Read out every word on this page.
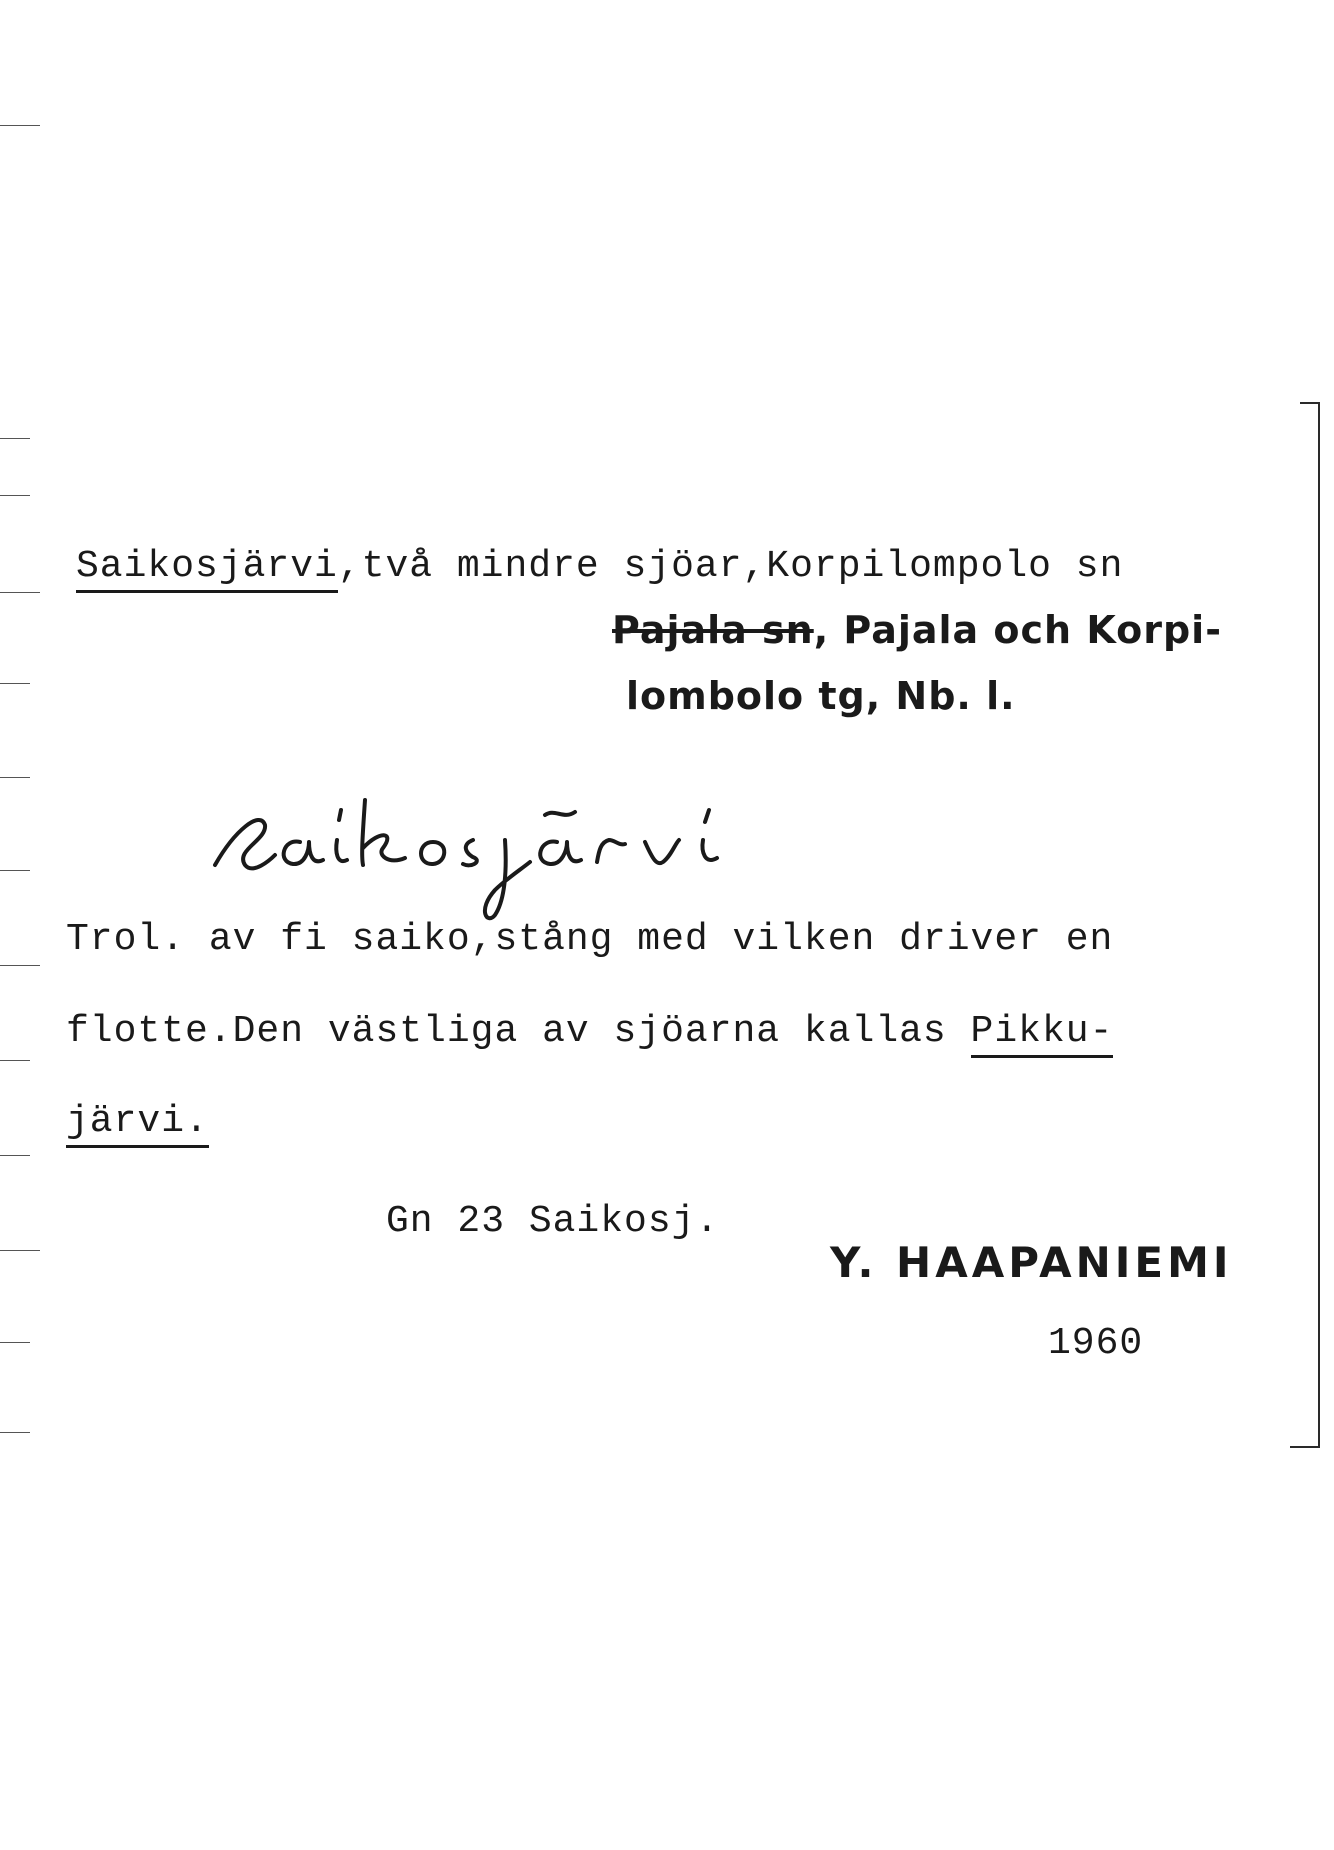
Saikosjärvi,två mindre sjöar,Korpilompolo sn
Pajala sn, Pajala och Korpi-
lombolo tg, Nb. l.
Trol. av fi saiko,stång med vilken driver en
flotte.Den västliga av sjöarna kallas Pikku-
järvi.
Gn 23 Saikosj.
Y. HAAPANIEMI
1960
